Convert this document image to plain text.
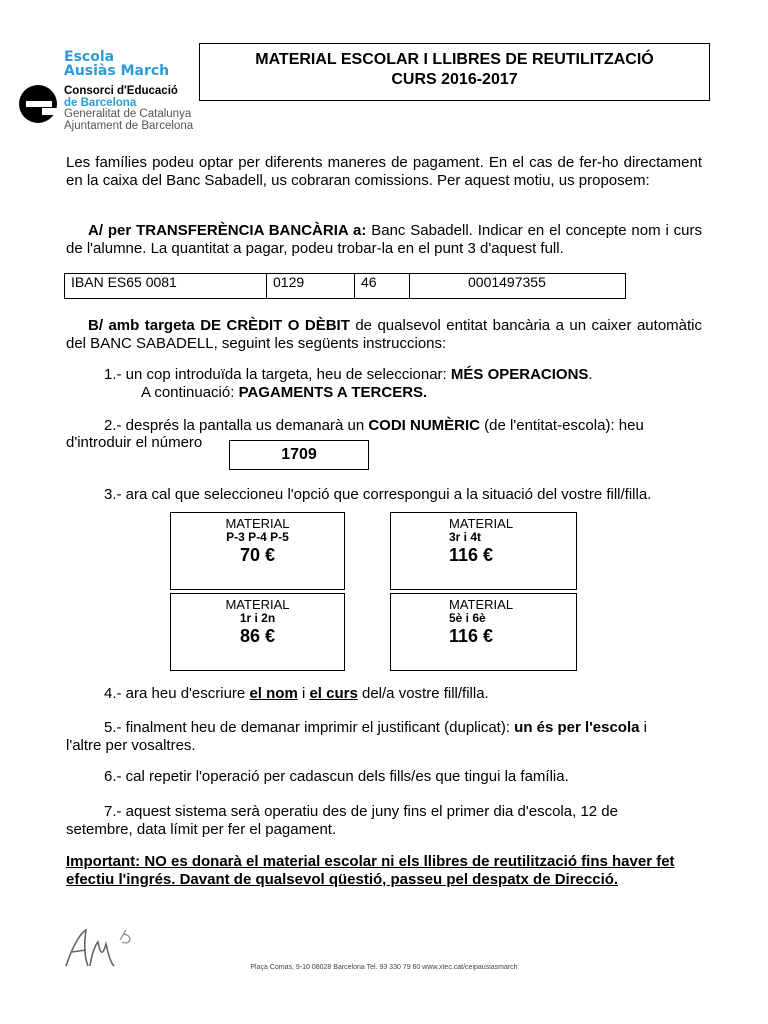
Escola
Ausiàs March
Consorci d'Educació
de Barcelona
Generalitat de Catalunya
Ajuntament de Barcelona
MATERIAL ESCOLAR I LLIBRES DE REUTILITZACIÓ
CURS 2016-2017
Les famílies podeu optar per diferents maneres de pagament. En el cas de fer-ho directament en la caixa del Banc Sabadell, us cobraran comissions. Per aquest motiu, us proposem:
A/ per TRANSFERÈNCIA BANCÀRIA a: Banc Sabadell. Indicar en el concepte nom i curs de l'alumne. La quantitat a pagar, podeu trobar-la en el punt 3 d'aquest full.
IBAN ES65 0081	0129	46	0001497355
B/ amb targeta DE CRÈDIT O DÈBIT de qualsevol entitat bancària a un caixer automàtic del BANC SABADELL, seguint les següents instruccions:
1.- un cop introduïda la targeta, heu de seleccionar: MÉS OPERACIONS.
A continuació: PAGAMENTS A TERCERS.
2.- després la pantalla us demanarà un CODI NUMÈRIC (de l'entitat-escola): heu
d'introduir el número
1709
3.- ara cal que seleccioneu l'opció que correspongui a la situació del vostre fill/filla.
MATERIAL
P-3 P-4 P-5
70 €
MATERIAL
3r i 4t
116 €
MATERIAL
1r i 2n
86 €
MATERIAL
5è i 6è
116 €
4.- ara heu d'escriure el nom i el curs del/a vostre fill/filla.
5.- finalment heu de demanar imprimir el justificant (duplicat): un és per l'escola i
l'altre per vosaltres.
6.- cal repetir l'operació per cadascun dels fills/es que tingui la família.
7.- aquest sistema serà operatiu des de juny fins el primer dia d'escola, 12 de
setembre, data límit per fer el pagament.
Important: NO es donarà el material escolar ni els llibres de reutilització fins haver fet
efectiu l'ingrés. Davant de qualsevol qüestió, passeu pel despatx de Direcció.
Plaça Comas, 9-10 08028 Barcelona Tel. 93 330 79 60 www.xtec.cat/ceipausiasmarch
